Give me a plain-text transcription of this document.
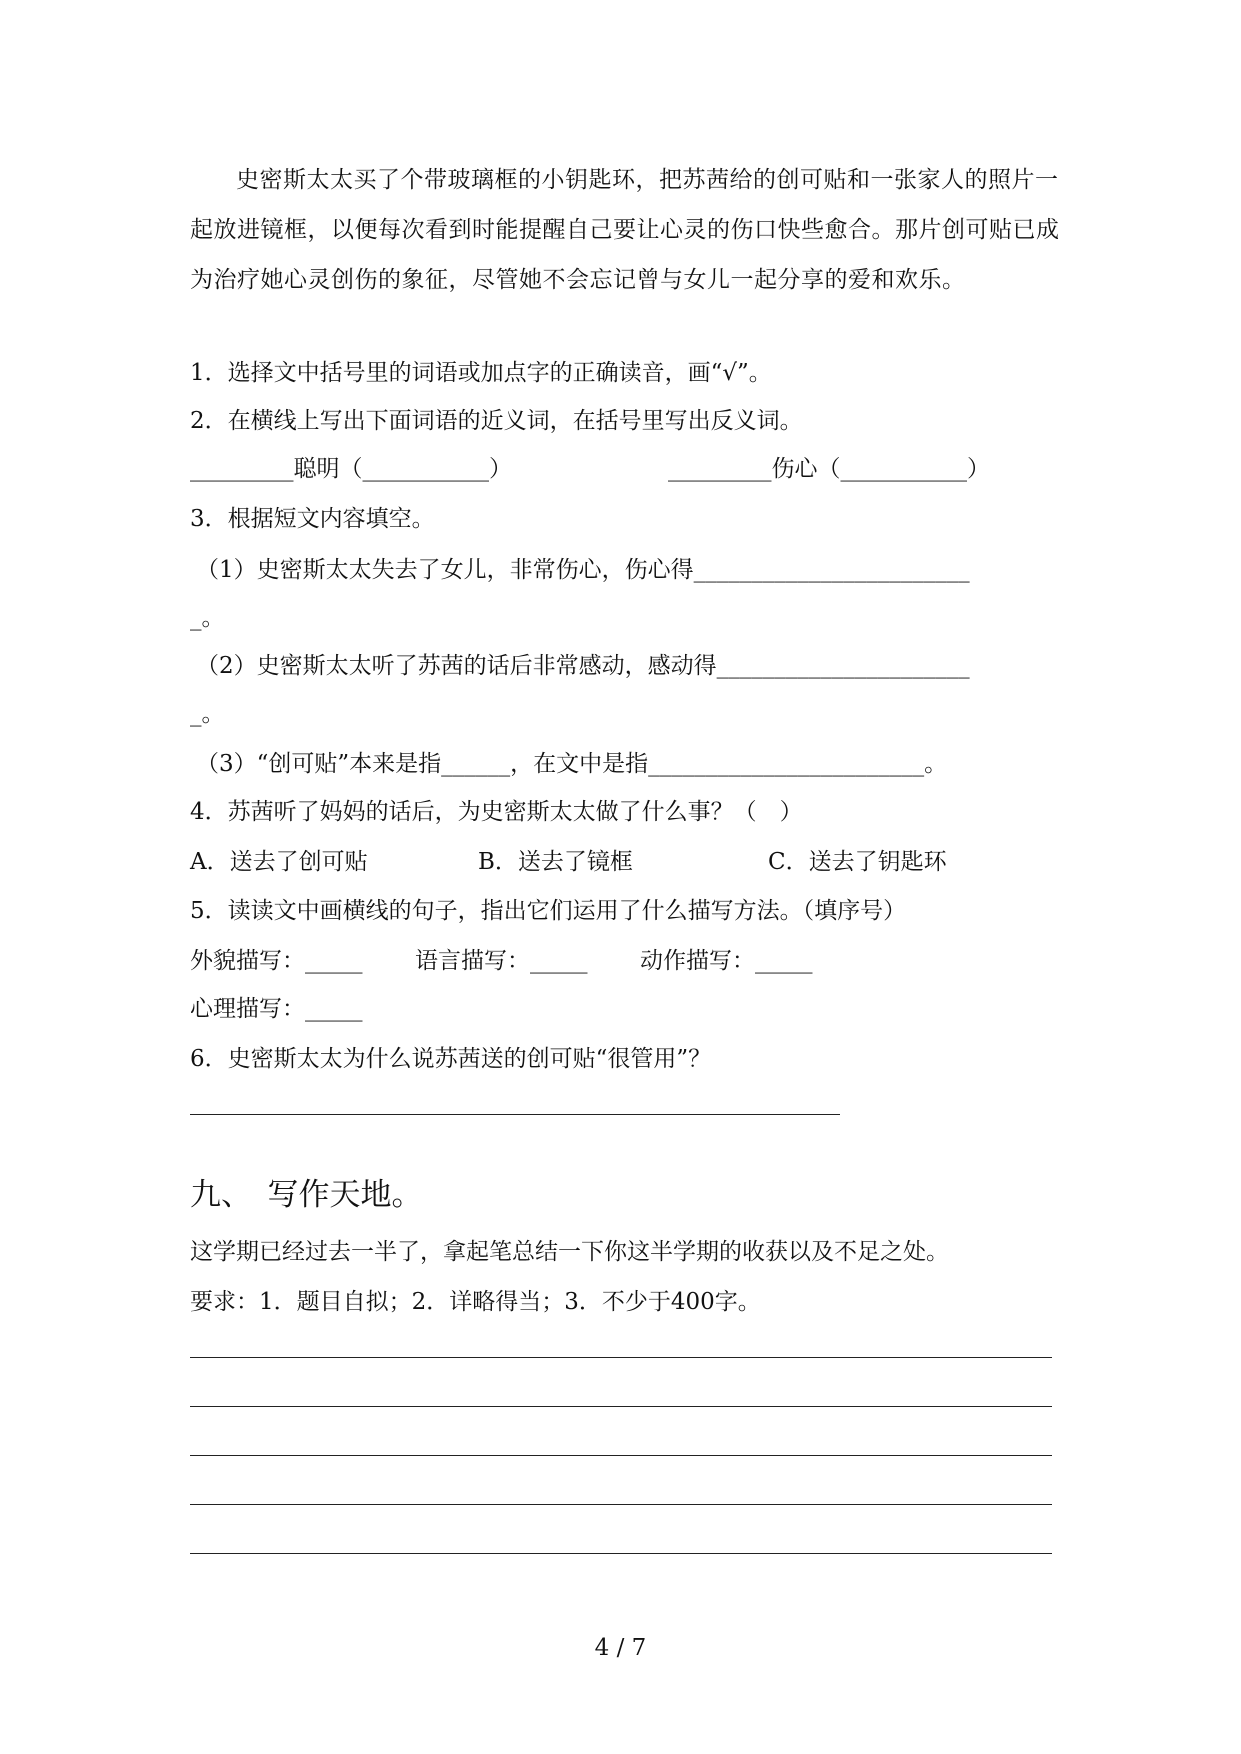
史密斯太太买了个带玻璃框的小钥匙环，把苏茜给的创可贴和一张家人的照片一起放进镜框，以便每次看到时能提醒自己要让心灵的伤口快些愈合。那片创可贴已成为治疗她心灵创伤的象征，尽管她不会忘记曾与女儿一起分享的爱和欢乐。
1．选择文中括号里的词语或加点字的正确读音，画“√”。
2．在横线上写出下面词语的近义词，在括号里写出反义词。
_________聪明（___________）	_________伤心（___________）
3．根据短文内容填空。
（1）史密斯太太失去了女儿，非常伤心，伤心得________________________
_。
（2）史密斯太太听了苏茜的话后非常感动，感动得______________________
_。
（3）“创可贴”本来是指______，在文中是指________________________。
4．苏茜听了妈妈的话后，为史密斯太太做了什么事？（　）
A．送去了创可贴	B．送去了镜框	C．送去了钥匙环
5．读读文中画横线的句子，指出它们运用了什么描写方法。（填序号）
外貌描写：_____ 语言描写：_____ 动作描写：_____
心理描写：_____
6．史密斯太太为什么说苏茜送的创可贴“很管用”？
九、　写作天地。
这学期已经过去一半了，拿起笔总结一下你这半学期的收获以及不足之处。
要求：1．题目自拟；2．详略得当；3．不少于400字。
4 / 7
